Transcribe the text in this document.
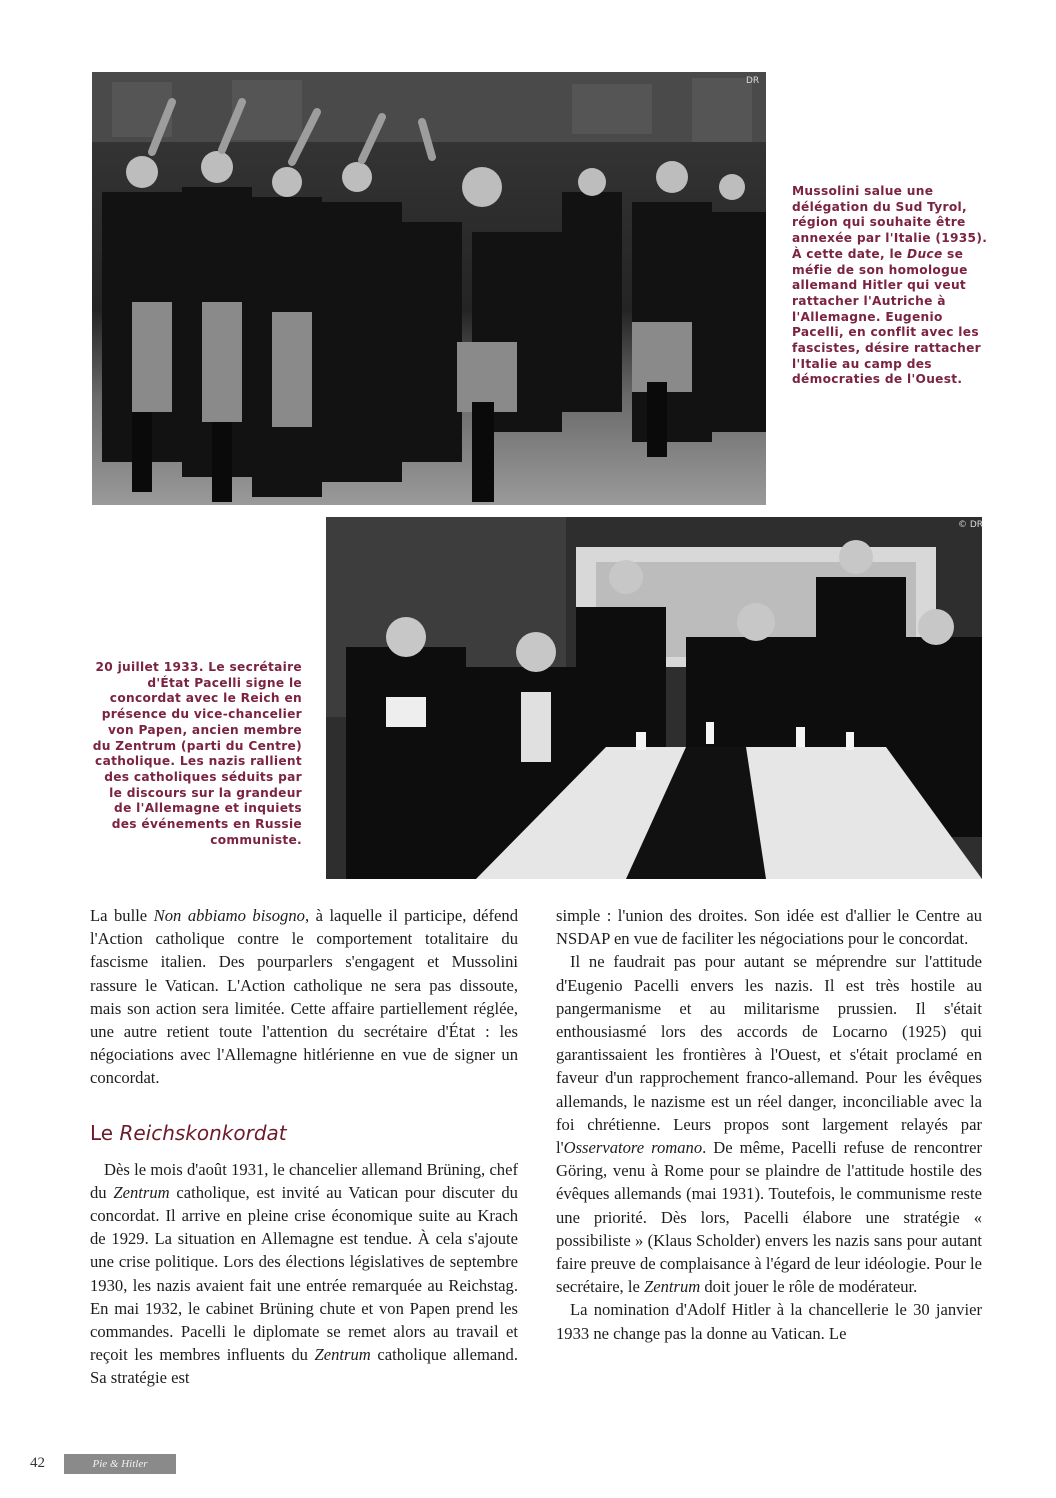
DR
Mussolini salue une délégation du Sud Tyrol, région qui souhaite être annexée par l'Italie (1935). À cette date, le Duce se méfie de son homologue allemand Hitler qui veut rattacher l'Autriche à l'Allemagne. Eugenio Pacelli, en conflit avec les fascistes, désire rattacher l'Italie au camp des démocraties de l'Ouest.
© DR
20 juillet 1933. Le secrétaire d'État Pacelli signe le concordat avec le Reich en présence du vice-chancelier von Papen, ancien membre du Zentrum (parti du Centre) catholique. Les nazis rallient des catholiques séduits par le discours sur la grandeur de l'Allemagne et inquiets des événements en Russie communiste.

La bulle Non abbiamo bisogno, à laquelle il participe, défend l'Action catholique contre le comportement totalitaire du fascisme italien. Des pourparlers s'engagent et Mussolini rassure le Vatican. L'Action catholique ne sera pas dissoute, mais son action sera limitée. Cette affaire partiellement réglée, une autre retient toute l'attention du secrétaire d'État : les négociations avec l'Allemagne hitlérienne en vue de signer un concordat.

Le Reichskonkordat

Dès le mois d'août 1931, le chancelier allemand Brüning, chef du Zentrum catholique, est invité au Vatican pour discuter du concordat. Il arrive en pleine crise économique suite au Krach de 1929. La situation en Allemagne est tendue. À cela s'ajoute une crise politique. Lors des élections législatives de septembre 1930, les nazis avaient fait une entrée remarquée au Reichstag. En mai 1932, le cabinet Brüning chute et von Papen prend les commandes. Pacelli le diplomate se remet alors au travail et reçoit les membres influents du Zentrum catholique allemand. Sa stratégie est

simple : l'union des droites. Son idée est d'allier le Centre au NSDAP en vue de faciliter les négociations pour le concordat.

Il ne faudrait pas pour autant se méprendre sur l'attitude d'Eugenio Pacelli envers les nazis. Il est très hostile au pangermanisme et au militarisme prussien. Il s'était enthousiasmé lors des accords de Locarno (1925) qui garantissaient les frontières à l'Ouest, et s'était proclamé en faveur d'un rapprochement franco-allemand. Pour les évêques allemands, le nazisme est un réel danger, inconciliable avec la foi chrétienne. Leurs propos sont largement relayés par l'Osservatore romano. De même, Pacelli refuse de rencontrer Göring, venu à Rome pour se plaindre de l'attitude hostile des évêques allemands (mai 1931). Toutefois, le communisme reste une priorité. Dès lors, Pacelli élabore une stratégie « possibiliste » (Klaus Scholder) envers les nazis sans pour autant faire preuve de complaisance à l'égard de leur idéologie. Pour le secrétaire, le Zentrum doit jouer le rôle de modérateur.

La nomination d'Adolf Hitler à la chancellerie le 30 janvier 1933 ne change pas la donne au Vatican. Le

42	Pie & Hitler
